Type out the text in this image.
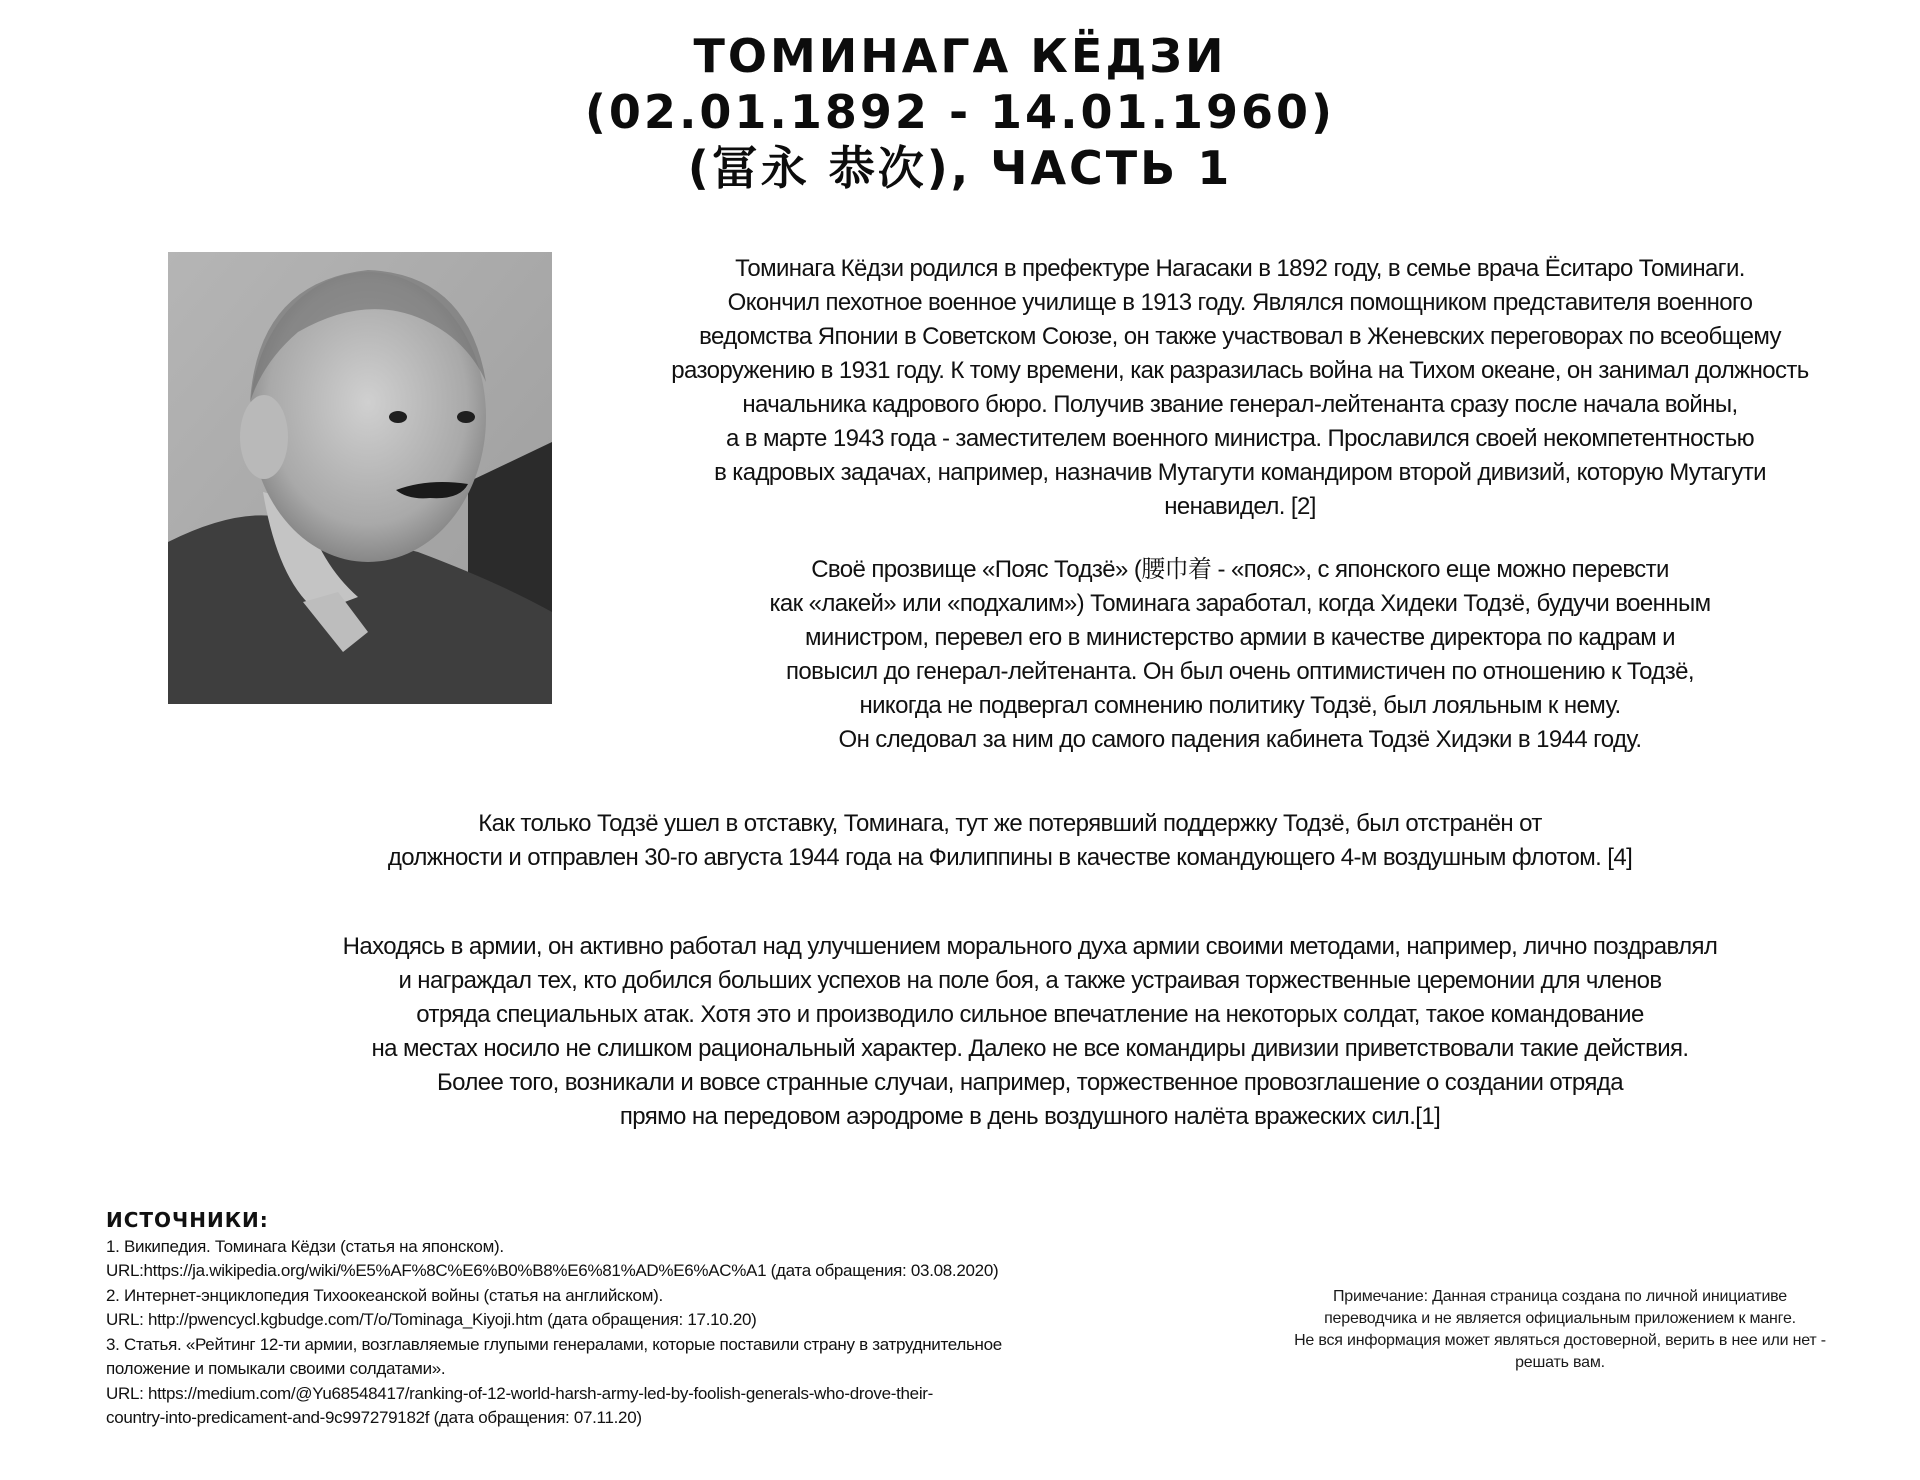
ТОМИНАГА КЁДЗИ
(02.01.1892 - 14.01.1960)
(冨永 恭次), ЧАСТЬ 1
Томинага Кёдзи родился в префектуре Нагасаки в 1892 году, в семье врача Ёситаро Томинаги.
Окончил пехотное военное училище в 1913 году. Являлся помощником представителя военного
ведомства Японии в Советском Союзе, он также участвовал в Женевских переговорах по всеобщему
разоружению в 1931 году. К тому времени, как разразилась война на Тихом океане, он занимал должность
начальника кадрового бюро. Получив звание генерал-лейтенанта сразу после начала войны,
а в марте 1943 года - заместителем военного министра. Прославился своей некомпетентностью
в кадровых задачах, например, назначив Мутагути командиром второй дивизий, которую Мутагути
ненавидел. [2]
Своё прозвище «Пояс Тодзё» (腰巾着 - «пояс», с японского еще можно перевсти
как «лакей» или «подхалим») Томинага заработал, когда Хидеки Тодзё, будучи военным
министром, перевел его в министерство армии в качестве директора по кадрам и
повысил до генерал-лейтенанта. Он был очень оптимистичен по отношению к Тодзё,
никогда не подвергал сомнению политику Тодзё, был лояльным к нему.
Он следовал за ним до самого падения кабинета Тодзё Хидэки в 1944 году.
Как только Тодзё ушел в отставку, Томинага, тут же потерявший поддержку Тодзё, был отстранён от
должности и отправлен 30-го августа 1944 года на Филиппины в качестве командующего 4-м воздушным флотом. [4]
Находясь в армии, он активно работал над улучшением морального духа армии своими методами, например, лично поздравлял
и награждал тех, кто добился больших успехов на поле боя, а также устраивая торжественные церемонии для членов
отряда специальных атак. Хотя это и производило сильное впечатление на некоторых солдат, такое командование
на местах носило не слишком рациональный характер. Далеко не все командиры дивизии приветствовали такие действия.
Более того, возникали и вовсе странные случаи, например, торжественное провозглашение о создании отряда
прямо на передовом аэродроме в день воздушного налёта вражеских сил.[1]
ИСТОЧНИКИ:
1. Википедия. Томинага Кёдзи (статья на японском).
URL:https://ja.wikipedia.org/wiki/%E5%AF%8C%E6%B0%B8%E6%81%AD%E6%AC%A1 (дата обращения: 03.08.2020)
2. Интернет-энциклопедия Тихоокеанской войны (статья на английском).
URL: http://pwencycl.kgbudge.com/T/o/Tominaga_Kiyoji.htm (дата обращения: 17.10.20)
3. Статья. «Рейтинг 12-ти армии, возглавляемые глупыми генералами, которые поставили страну в затруднительное
положение и помыкали своими солдатами».
URL: https://medium.com/@Yu68548417/ranking-of-12-world-harsh-army-led-by-foolish-generals-who-drove-their-
country-into-predicament-and-9c997279182f (дата обращения: 07.11.20)
Примечание: Данная страница создана по личной инициативе
переводчика и не является официальным приложением к манге.
Не вся информация может являться достоверной, верить в нее или нет -
решать вам.
